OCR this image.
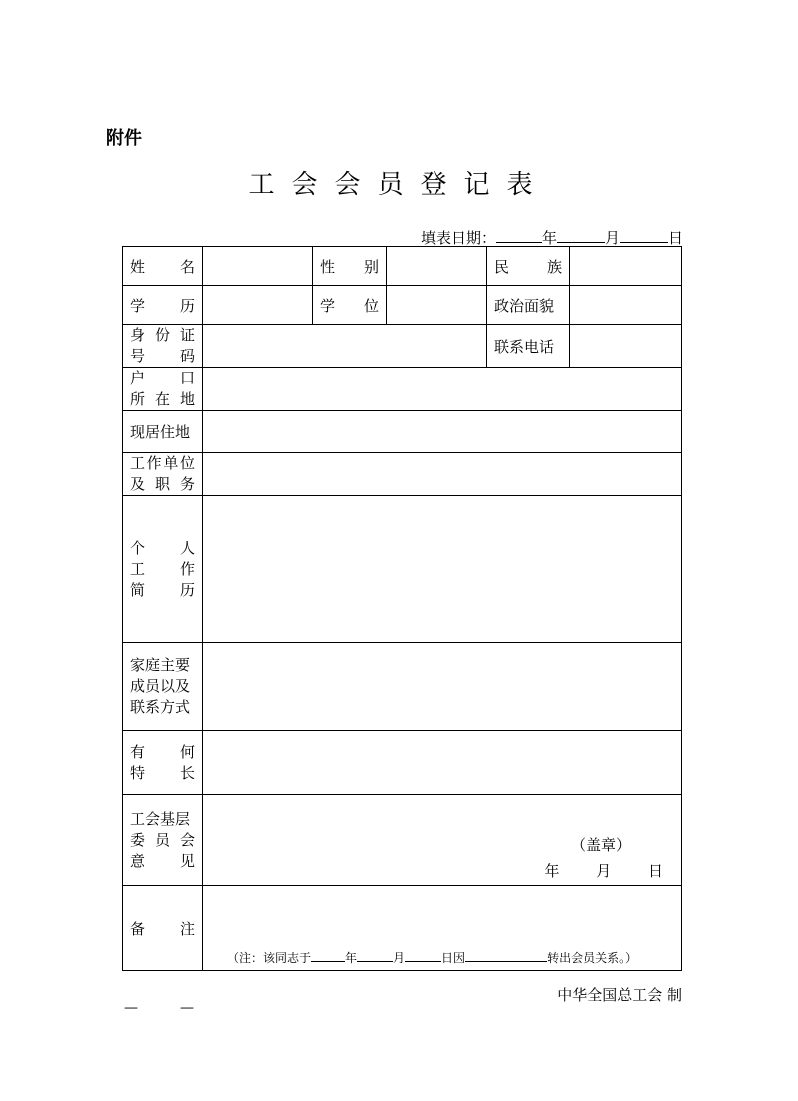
附件
工会会员登记表
填表日期：	年	月	日
姓名		性别		民族	

学历		学位		政治面貌	

身份证
号　码				联系电话	

户　　口
所在地					

现居住地					

工作单位
及职务					

个　人
工　作
简　历					

家庭主要
成员以及
联系方式					

有　何
特　长					

工会基层
委员会
意　见	（盖章）
年 月 日				

备注	（注：该同志于 年 月 日因 转出会员关系。）				
中华全国总工会 制
—	—
